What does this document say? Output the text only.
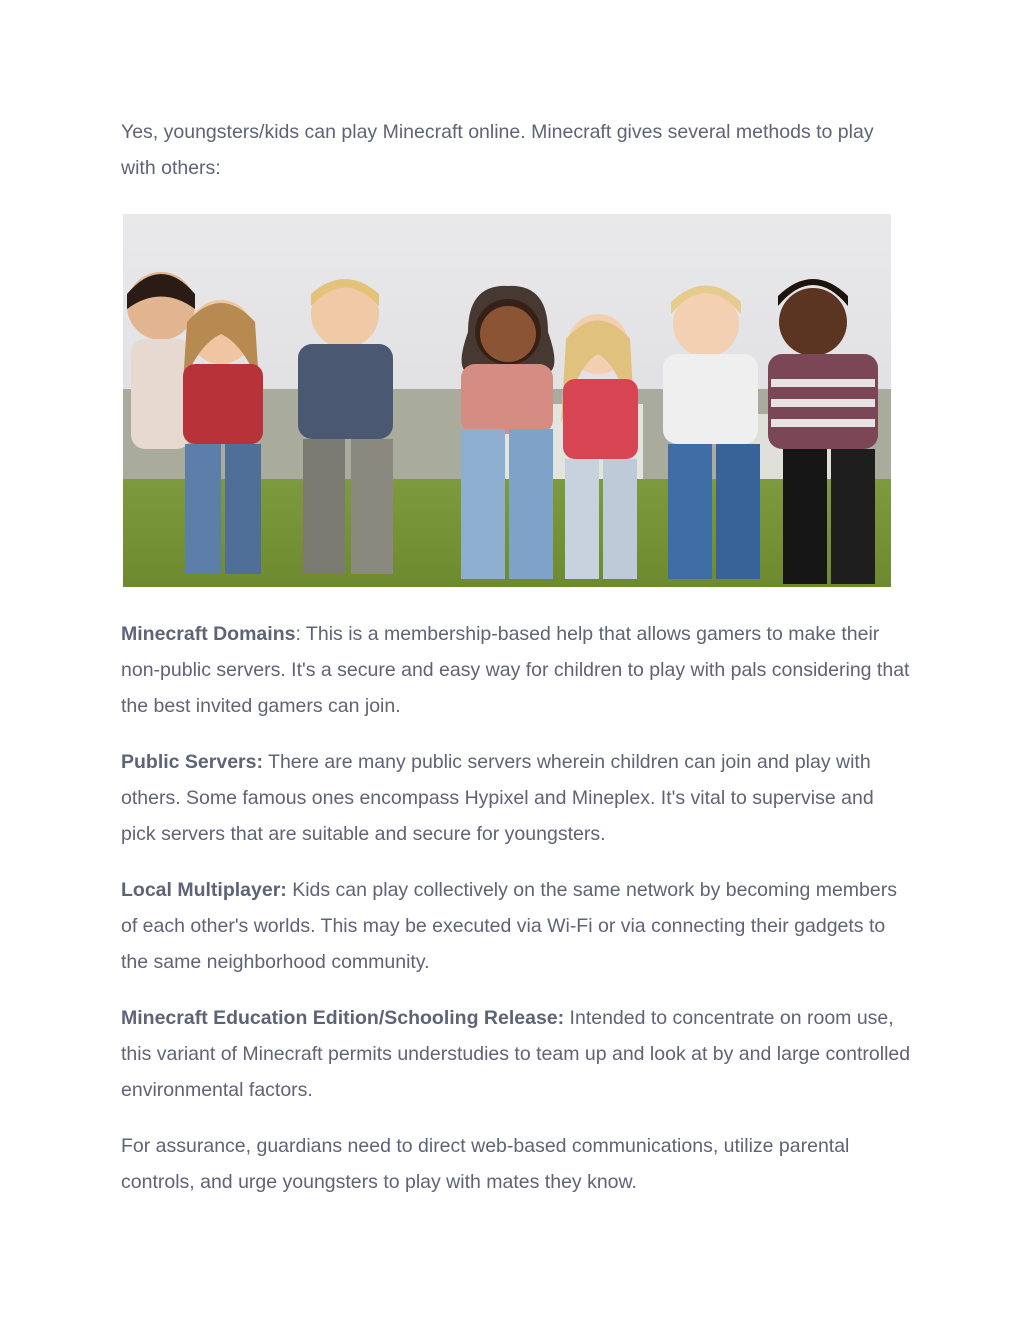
Yes, youngsters/kids can play Minecraft online. Minecraft gives several methods to play with others:

Minecraft Domains: This is a membership-based help that allows gamers to make their non-public servers. It's a secure and easy way for children to play with pals considering that the best invited gamers can join.

Public Servers: There are many public servers wherein children can join and play with others. Some famous ones encompass Hypixel and Mineplex. It's vital to supervise and pick servers that are suitable and secure for youngsters.

Local Multiplayer: Kids can play collectively on the same network by becoming members of each other's worlds. This may be executed via Wi-Fi or via connecting their gadgets to the same neighborhood community.

Minecraft Education Edition/Schooling Release: Intended to concentrate on room use, this variant of Minecraft permits understudies to team up and look at by and large controlled environmental factors.

For assurance, guardians need to direct web-based communications, utilize parental controls, and urge youngsters to play with mates they know.
